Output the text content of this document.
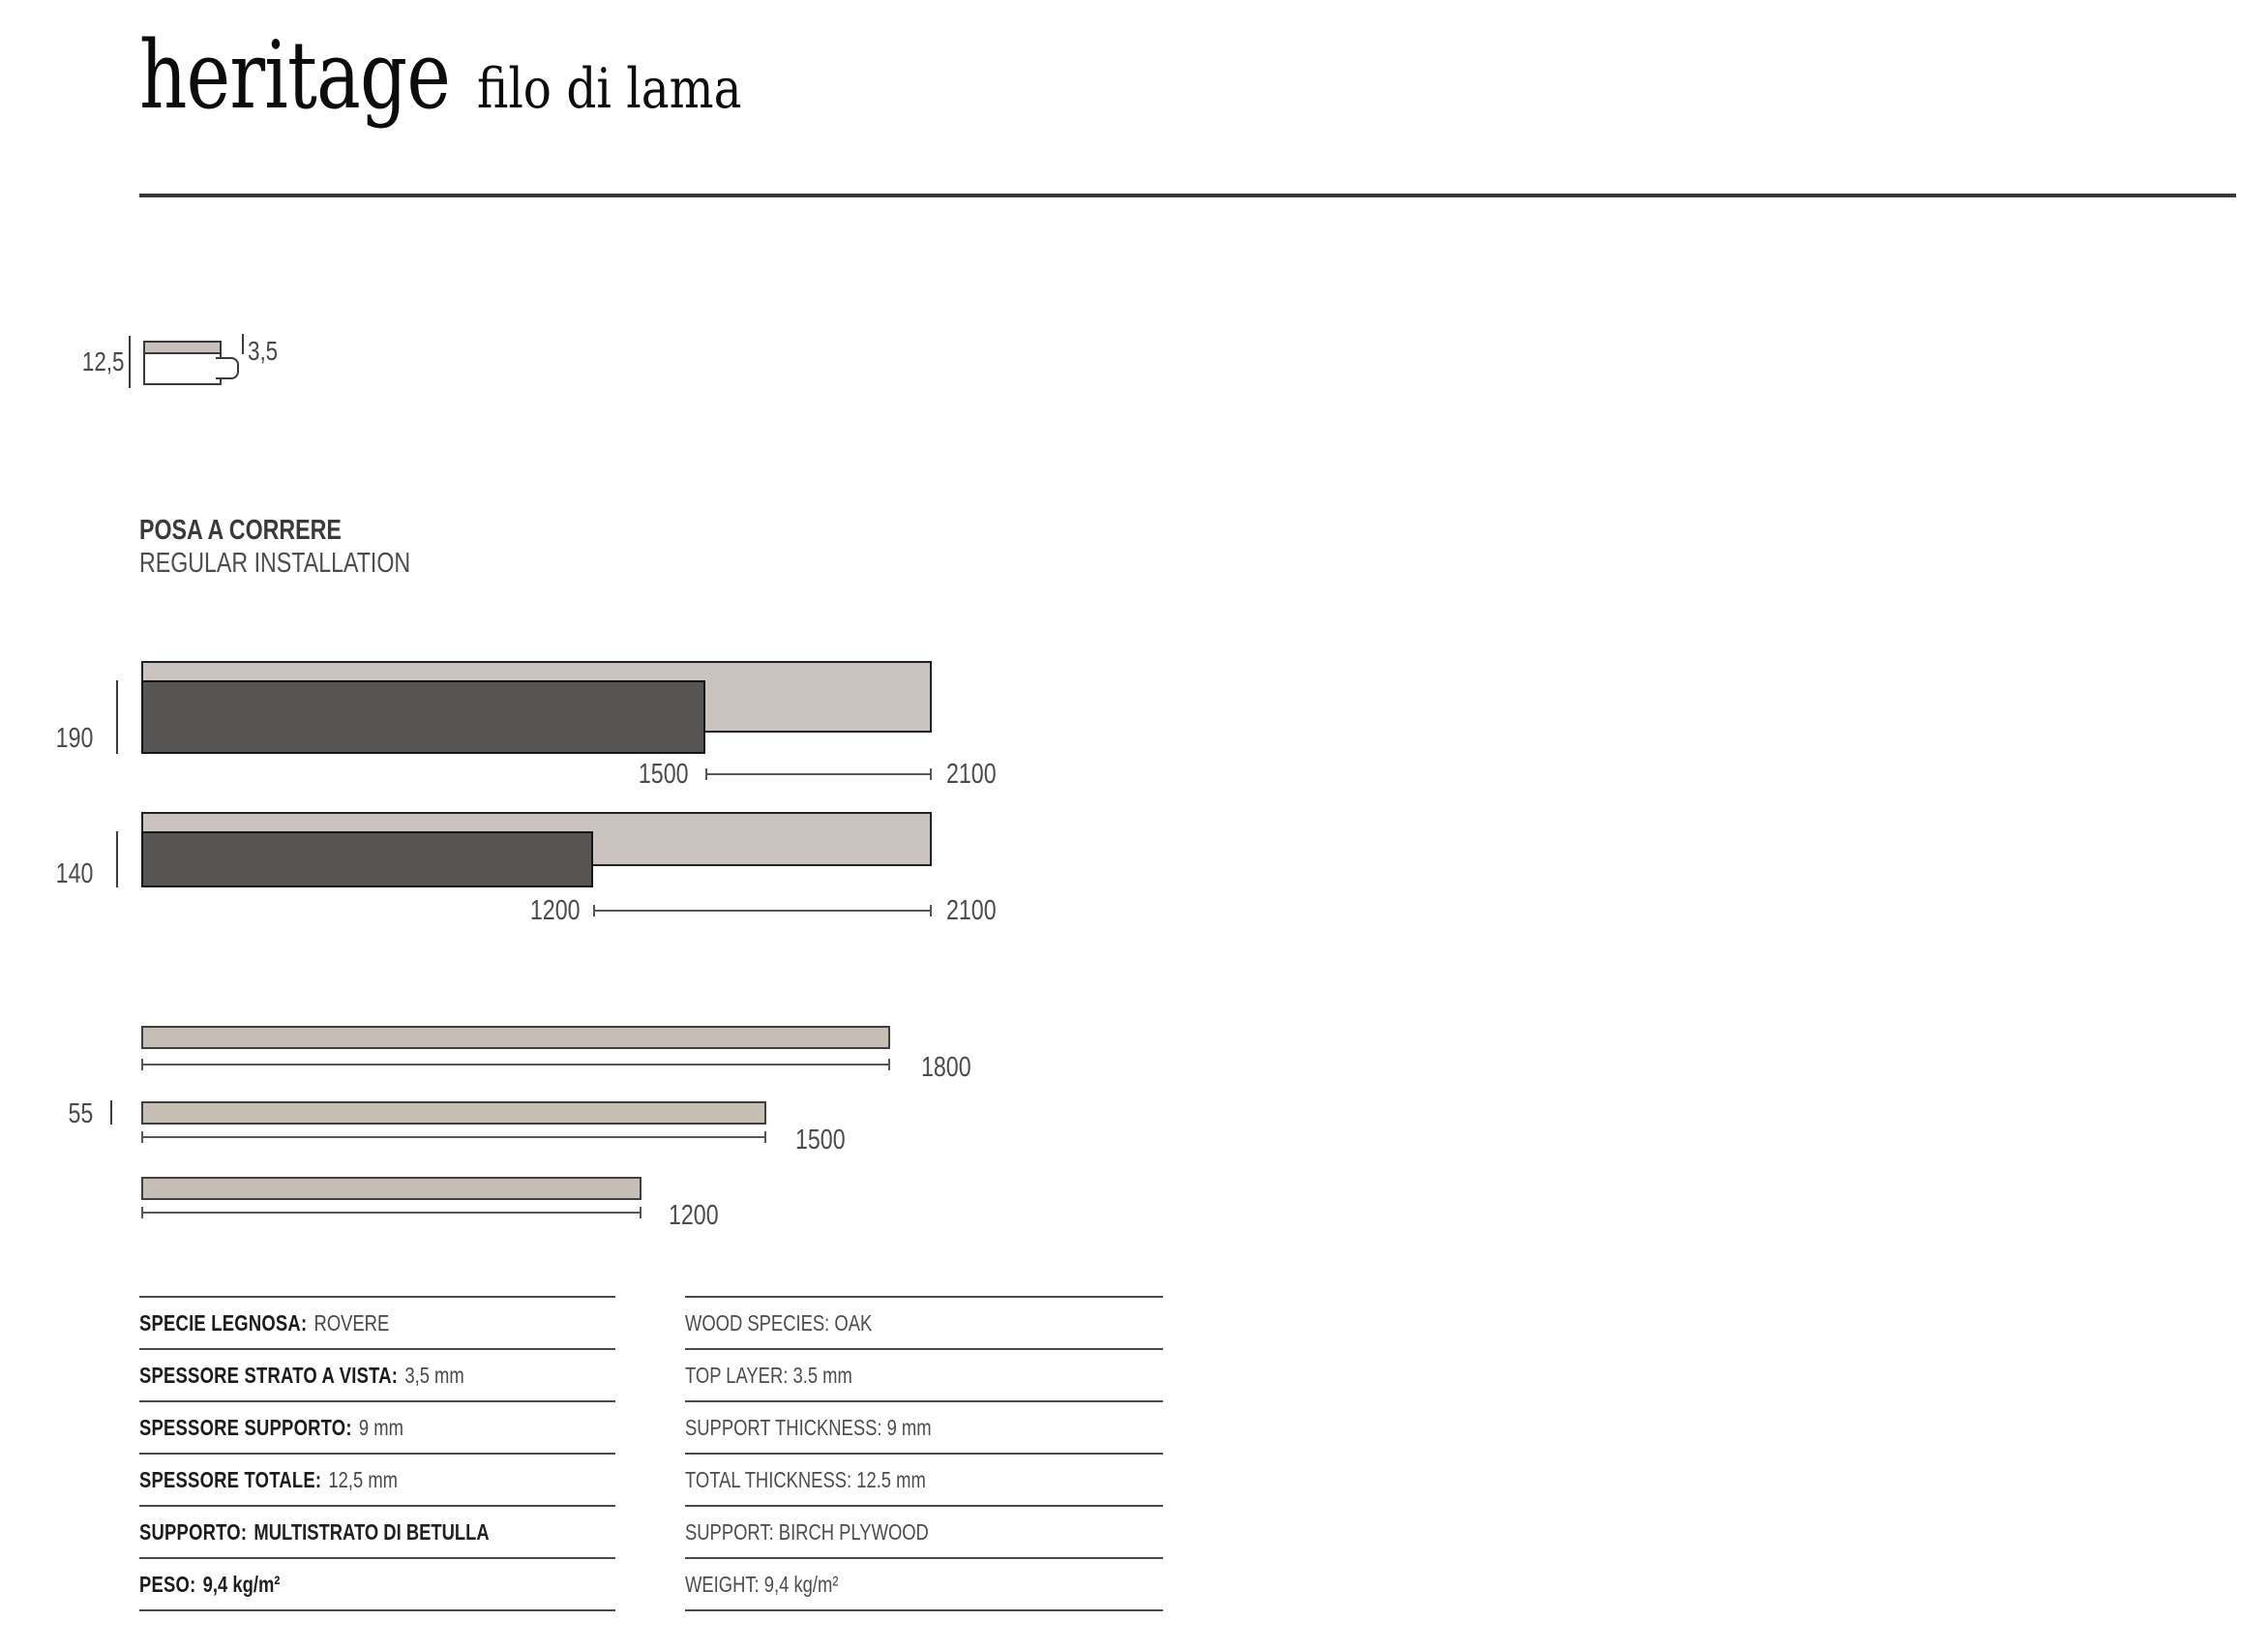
heritage filo di lama
12,5	3,5
POSA A CORRERE
REGULAR INSTALLATION
190
1500	2100
140
1200	2100
1800
55
1500
1200
SPECIE LEGNOSA: ROVERE
SPESSORE STRATO A VISTA: 3,5 mm
SPESSORE SUPPORTO: 9 mm
SPESSORE TOTALE: 12,5 mm
SUPPORTO: MULTISTRATO DI BETULLA
PESO: 9,4 kg/m²
WOOD SPECIES: OAK
TOP LAYER: 3.5 mm
SUPPORT THICKNESS: 9 mm
TOTAL THICKNESS: 12.5 mm
SUPPORT: BIRCH PLYWOOD
WEIGHT: 9,4 kg/m²
